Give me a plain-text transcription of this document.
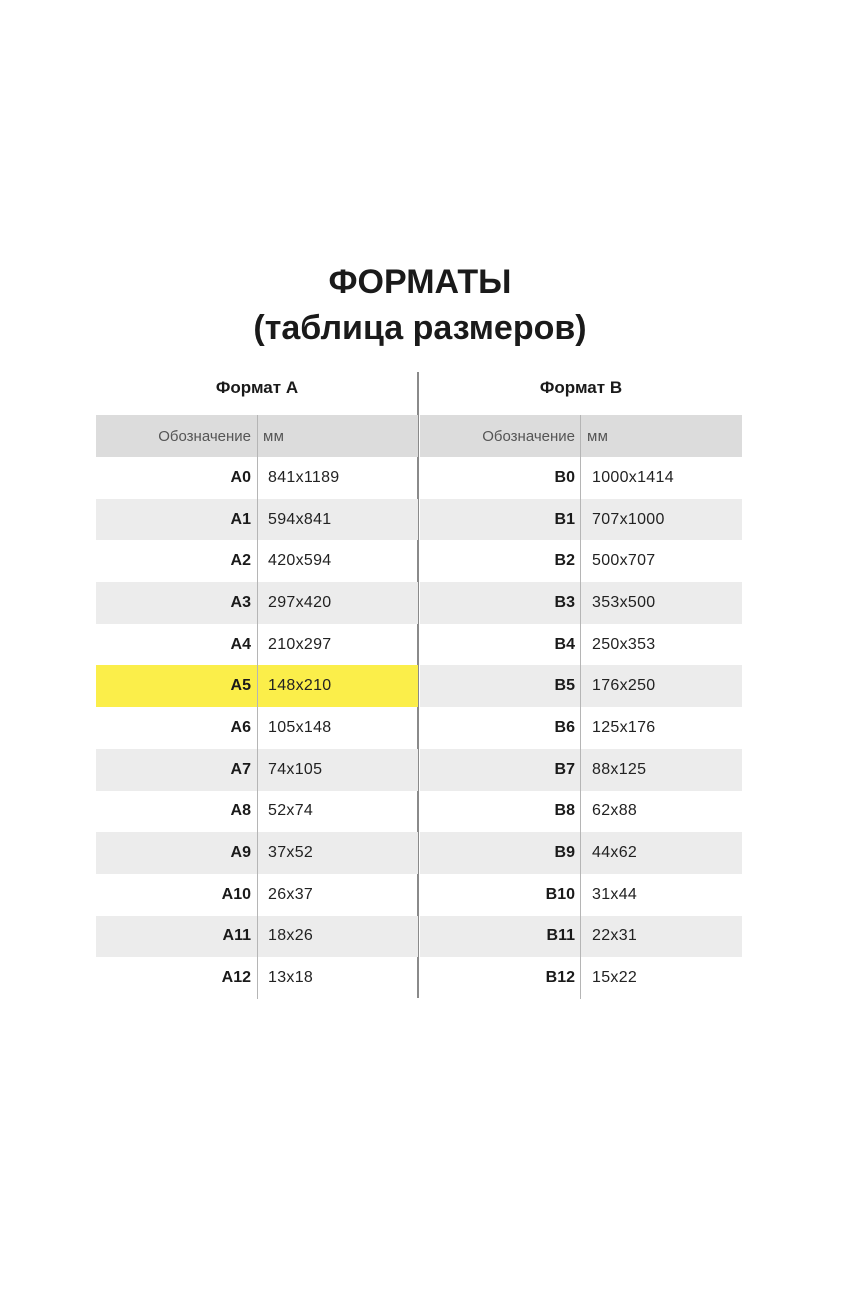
ФОРМАТЫ
(таблица размеров)
Формат А
Обозначение мм
А0	841x1189
А1	594x841
А2	420x594
А3	297x420
А4	210x297
А5	148x210
А6	105x148
А7	74x105
А8	52x74
А9	37x52
А10	26x37
А11	18x26
А12	13x18
Формат В
Обозначение мм
В0	1000x1414
В1	707x1000
В2	500x707
В3	353x500
В4	250x353
В5	176x250
В6	125x176
В7	88x125
В8	62x88
В9	44x62
В10	31x44
В11	22x31
В12	15x22
